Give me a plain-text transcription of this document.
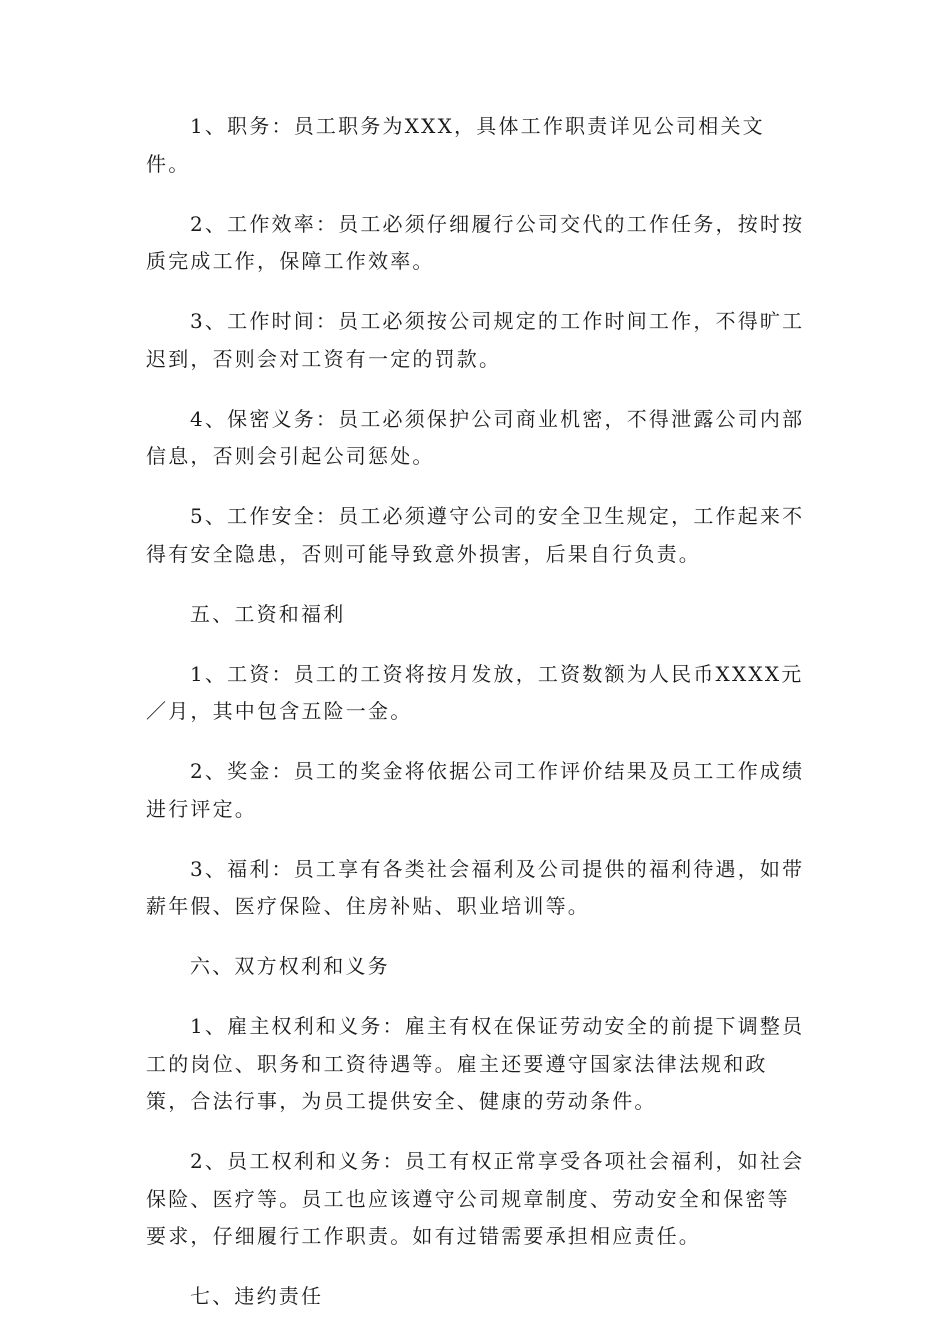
1、职务：员工职务为XXX，具体工作职责详见公司相关文件。

2、工作效率：员工必须仔细履行公司交代的工作任务，按时按质完成工作，保障工作效率。

3、工作时间：员工必须按公司规定的工作时间工作，不得旷工迟到，否则会对工资有一定的罚款。

4、保密义务：员工必须保护公司商业机密，不得泄露公司内部信息，否则会引起公司惩处。

5、工作安全：员工必须遵守公司的安全卫生规定，工作起来不得有安全隐患，否则可能导致意外损害，后果自行负责。

五、工资和福利

1、工资：员工的工资将按月发放，工资数额为人民币XXXX元／月，其中包含五险一金。

2、奖金：员工的奖金将依据公司工作评价结果及员工工作成绩进行评定。

3、福利：员工享有各类社会福利及公司提供的福利待遇，如带薪年假、医疗保险、住房补贴、职业培训等。

六、双方权利和义务

1、雇主权利和义务：雇主有权在保证劳动安全的前提下调整员工的岗位、职务和工资待遇等。雇主还要遵守国家法律法规和政策，合法行事，为员工提供安全、健康的劳动条件。

2、员工权利和义务：员工有权正常享受各项社会福利，如社会保险、医疗等。员工也应该遵守公司规章制度、劳动安全和保密等要求，仔细履行工作职责。如有过错需要承担相应责任。

七、违约责任
